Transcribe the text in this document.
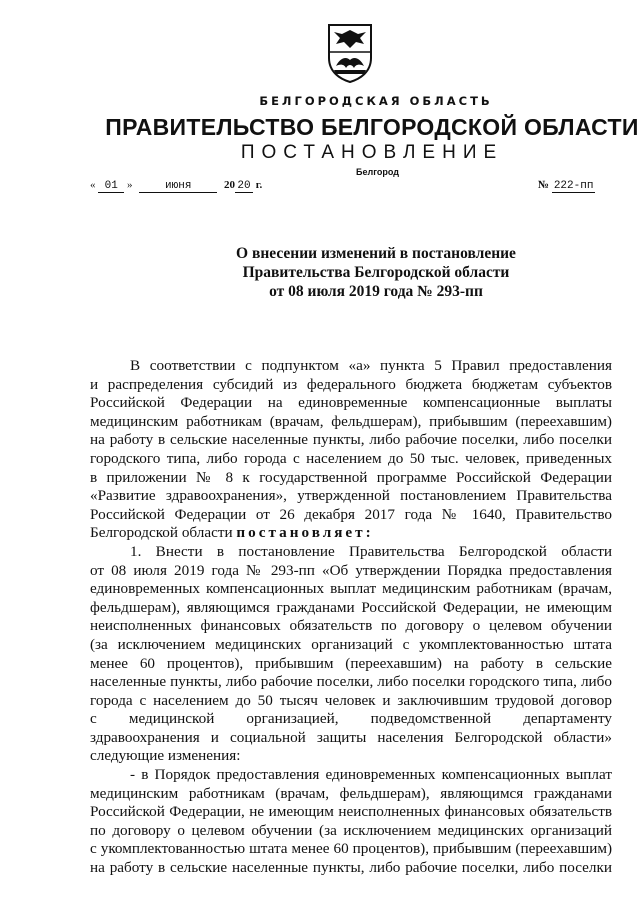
БЕЛГОРОДСКАЯ ОБЛАСТЬ
ПРАВИТЕЛЬСТВО БЕЛГОРОДСКОЙ ОБЛАСТИ
ПОСТАНОВЛЕНИЕ
Белгород
« 01 »	июня	20 20 г.	№ 222-пп
О внесении изменений в постановление
Правительства Белгородской области
от 08 июля 2019 года № 293-пп

В соответствии с подпунктом «а» пункта 5 Правил предоставления

и распределения субсидий из федерального бюджета бюджетам субъектов

Российской Федерации на единовременные компенсационные выплаты

медицинским работникам (врачам, фельдшерам), прибывшим (переехавшим)

на работу в сельские населенные пункты, либо рабочие поселки, либо поселки

городского типа, либо города с населением до 50 тыс. человек, приведенных

в приложении № 8 к государственной программе Российской Федерации

«Развитие здравоохранения», утвержденной постановлением Правительства

Российской Федерации от 26 декабря 2017 года № 1640, Правительство

Белгородской области постановляет:

1. Внести в постановление Правительства Белгородской области

от 08 июля 2019 года № 293-пп «Об утверждении Порядка предоставления

единовременных компенсационных выплат медицинским работникам (врачам,

фельдшерам), являющимся гражданами Российской Федерации, не имеющим

неисполненных финансовых обязательств по договору о целевом обучении

(за исключением медицинских организаций с укомплектованностью штата

менее 60 процентов), прибывшим (переехавшим) на работу в сельские

населенные пункты, либо рабочие поселки, либо поселки городского типа, либо

города с населением до 50 тысяч человек и заключившим трудовой договор

с медицинской организацией, подведомственной департаменту

здравоохранения и социальной защиты населения Белгородской области»

следующие изменения:

- в Порядок предоставления единовременных компенсационных выплат

медицинским работникам (врачам, фельдшерам), являющимся гражданами

Российской Федерации, не имеющим неисполненных финансовых обязательств

по договору о целевом обучении (за исключением медицинских организаций

с укомплектованностью штата менее 60 процентов), прибывшим (переехавшим)

на работу в сельские населенные пункты, либо рабочие поселки, либо поселки
